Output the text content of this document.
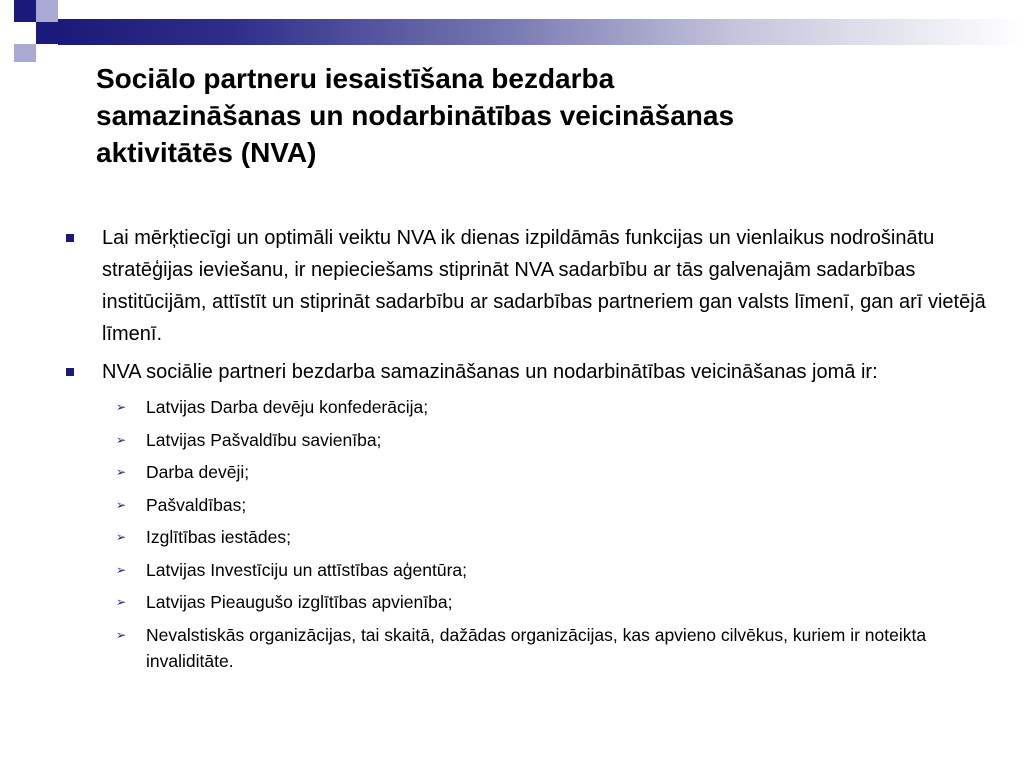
Sociālo partneru iesaistīšana bezdarba
samazināšanas un nodarbinātības veicināšanas
aktivitātēs (NVA)
Lai mērķtiecīgi un optimāli veiktu NVA ik dienas izpildāmās funkcijas un vienlaikus nodrošinātu stratēģijas ieviešanu, ir nepieciešams stiprināt NVA sadarbību ar tās galvenajām sadarbības institūcijām, attīstīt un stiprināt sadarbību ar sadarbības partneriem gan valsts līmenī, gan arī vietējā līmenī.
NVA sociālie partneri bezdarba samazināšanas un nodarbinātības veicināšanas jomā ir:
➢ Latvijas Darba devēju konfederācija;
➢ Latvijas Pašvaldību savienība;
➢ Darba devēji;
➢ Pašvaldības;
➢ Izglītības iestādes;
➢ Latvijas Investīciju un attīstības aģentūra;
➢ Latvijas Pieaugušo izglītības apvienība;
➢ Nevalstiskās organizācijas, tai skaitā, dažādas organizācijas, kas apvieno cilvēkus, kuriem ir noteikta invaliditāte.
